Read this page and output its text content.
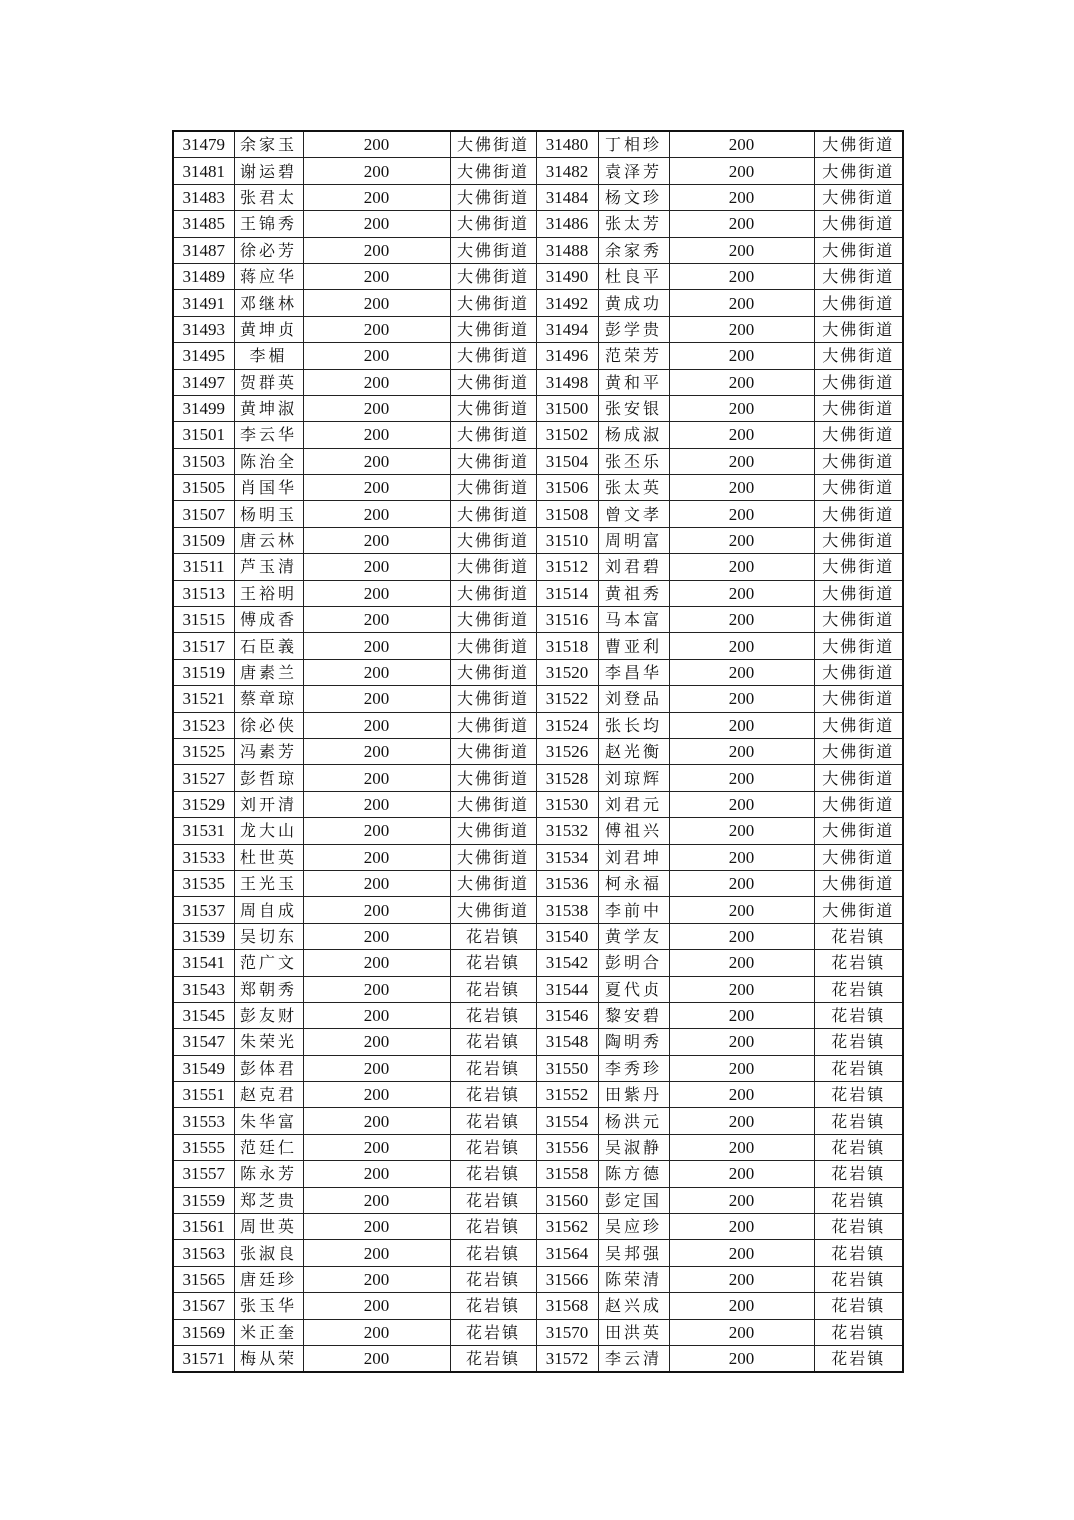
31479	余家玉	200	大佛街道	31480	丁相珍	200	大佛街道
31481	谢运碧	200	大佛街道	31482	袁泽芳	200	大佛街道
31483	张君太	200	大佛街道	31484	杨文珍	200	大佛街道
31485	王锦秀	200	大佛街道	31486	张太芳	200	大佛街道
31487	徐必芳	200	大佛街道	31488	余家秀	200	大佛街道
31489	蒋应华	200	大佛街道	31490	杜良平	200	大佛街道
31491	邓继林	200	大佛街道	31492	黄成功	200	大佛街道
31493	黄坤贞	200	大佛街道	31494	彭学贵	200	大佛街道
31495	李楣	200	大佛街道	31496	范荣芳	200	大佛街道
31497	贺群英	200	大佛街道	31498	黄和平	200	大佛街道
31499	黄坤淑	200	大佛街道	31500	张安银	200	大佛街道
31501	李云华	200	大佛街道	31502	杨成淑	200	大佛街道
31503	陈治全	200	大佛街道	31504	张丕乐	200	大佛街道
31505	肖国华	200	大佛街道	31506	张太英	200	大佛街道
31507	杨明玉	200	大佛街道	31508	曾文孝	200	大佛街道
31509	唐云林	200	大佛街道	31510	周明富	200	大佛街道
31511	芦玉清	200	大佛街道	31512	刘君碧	200	大佛街道
31513	王裕明	200	大佛街道	31514	黄祖秀	200	大佛街道
31515	傅成香	200	大佛街道	31516	马本富	200	大佛街道
31517	石臣義	200	大佛街道	31518	曹亚利	200	大佛街道
31519	唐素兰	200	大佛街道	31520	李昌华	200	大佛街道
31521	蔡章琼	200	大佛街道	31522	刘登品	200	大佛街道
31523	徐必侠	200	大佛街道	31524	张长均	200	大佛街道
31525	冯素芳	200	大佛街道	31526	赵光衡	200	大佛街道
31527	彭哲琼	200	大佛街道	31528	刘琼辉	200	大佛街道
31529	刘开清	200	大佛街道	31530	刘君元	200	大佛街道
31531	龙大山	200	大佛街道	31532	傅祖兴	200	大佛街道
31533	杜世英	200	大佛街道	31534	刘君坤	200	大佛街道
31535	王光玉	200	大佛街道	31536	柯永福	200	大佛街道
31537	周自成	200	大佛街道	31538	李前中	200	大佛街道
31539	吴切东	200	花岩镇	31540	黄学友	200	花岩镇
31541	范广文	200	花岩镇	31542	彭明合	200	花岩镇
31543	郑朝秀	200	花岩镇	31544	夏代贞	200	花岩镇
31545	彭友财	200	花岩镇	31546	黎安碧	200	花岩镇
31547	朱荣光	200	花岩镇	31548	陶明秀	200	花岩镇
31549	彭体君	200	花岩镇	31550	李秀珍	200	花岩镇
31551	赵克君	200	花岩镇	31552	田紫丹	200	花岩镇
31553	朱华富	200	花岩镇	31554	杨洪元	200	花岩镇
31555	范廷仁	200	花岩镇	31556	吴淑静	200	花岩镇
31557	陈永芳	200	花岩镇	31558	陈方德	200	花岩镇
31559	郑芝贵	200	花岩镇	31560	彭定国	200	花岩镇
31561	周世英	200	花岩镇	31562	吴应珍	200	花岩镇
31563	张淑良	200	花岩镇	31564	吴邦强	200	花岩镇
31565	唐廷珍	200	花岩镇	31566	陈荣清	200	花岩镇
31567	张玉华	200	花岩镇	31568	赵兴成	200	花岩镇
31569	米正奎	200	花岩镇	31570	田洪英	200	花岩镇
31571	梅从荣	200	花岩镇	31572	李云清	200	花岩镇
